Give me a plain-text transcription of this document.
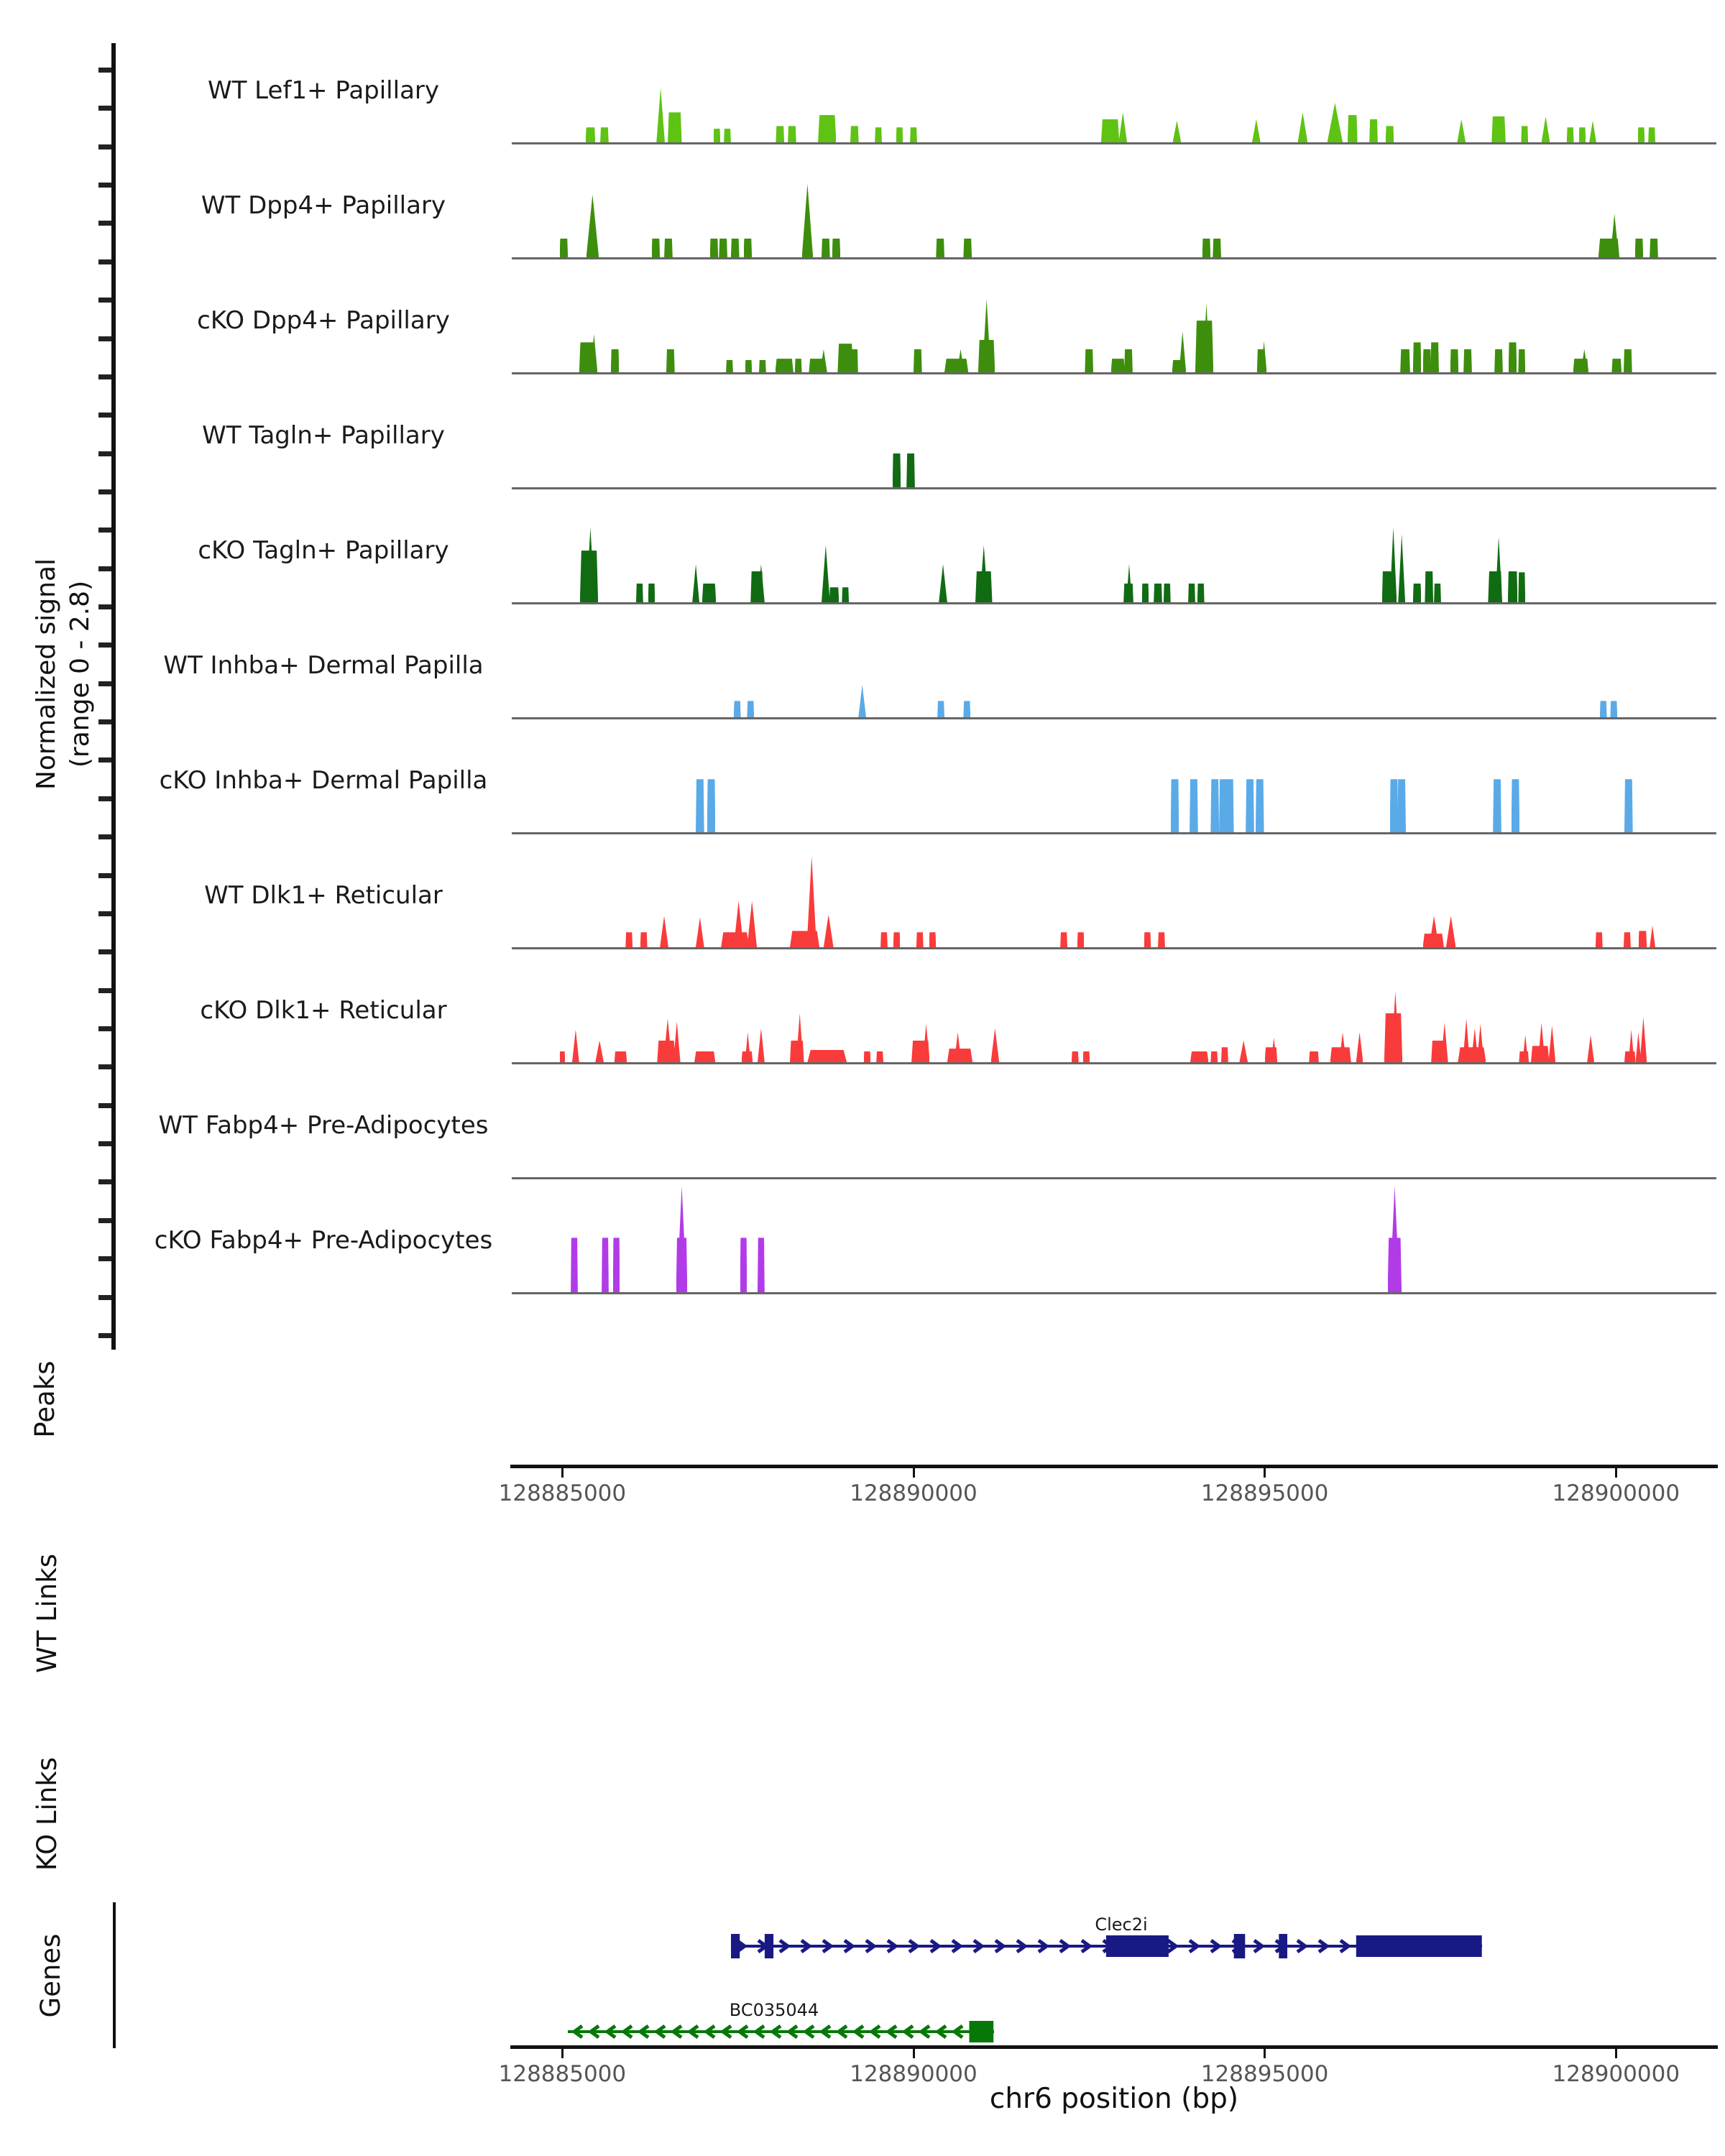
Normalized signal (range 0 - 2.8)
WT Lef1+ Papillary
WT Dpp4+ Papillary
cKO Dpp4+ Papillary
WT Tagln+ Papillary
cKO Tagln+ Papillary
WT Inhba+ Dermal Papilla
cKO Inhba+ Dermal Papilla
WT Dlk1+ Reticular
cKO Dlk1+ Reticular
WT Fabp4+ Pre-Adipocytes
cKO Fabp4+ Pre-Adipocytes
Peaks
WT Links
KO Links
Genes
128885000	128890000	128895000	128900000
Clec2i
BC035044
128885000	128890000	128895000	128900000
chr6 position (bp)
